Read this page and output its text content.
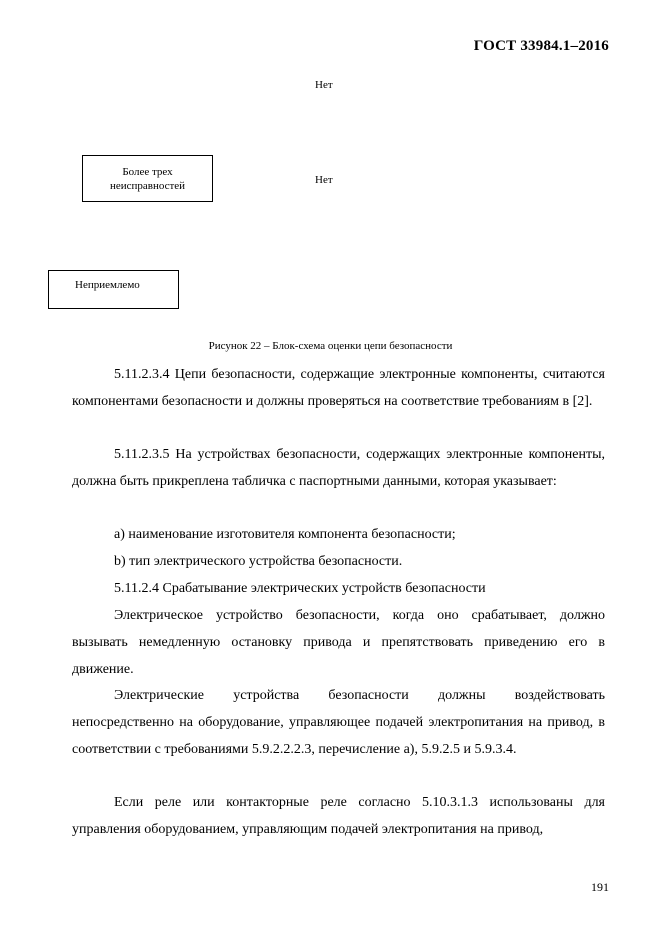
ГОСТ 33984.1–2016
Нет
Более трех
неисправностей	Нет
Неприемлемо
Рисунок 22 – Блок-схема оценки цепи безопасности
5.11.2.3.4 Цепи безопасности, содержащие электронные компоненты, считаются компонентами безопасности и должны проверяться на соответствие требованиям в [2].
5.11.2.3.5 На устройствах безопасности, содержащих электронные компоненты, должна быть прикреплена табличка с паспортными данными, которая указывает:
а) наименование изготовителя компонента безопасности;
b) тип электрического устройства безопасности.
5.11.2.4 Срабатывание электрических устройств безопасности
Электрическое устройство безопасности, когда оно срабатывает, должно вызывать немедленную остановку привода и препятствовать приведению его в движение.
Электрические устройства безопасности должны воздействовать непосредственно на оборудование, управляющее подачей электропитания на привод, в соответствии с требованиями 5.9.2.2.2.3, перечисление а), 5.9.2.5 и 5.9.3.4.
Если реле или контакторные реле согласно 5.10.3.1.3 использованы для управления оборудованием, управляющим подачей электропитания на привод,
191
